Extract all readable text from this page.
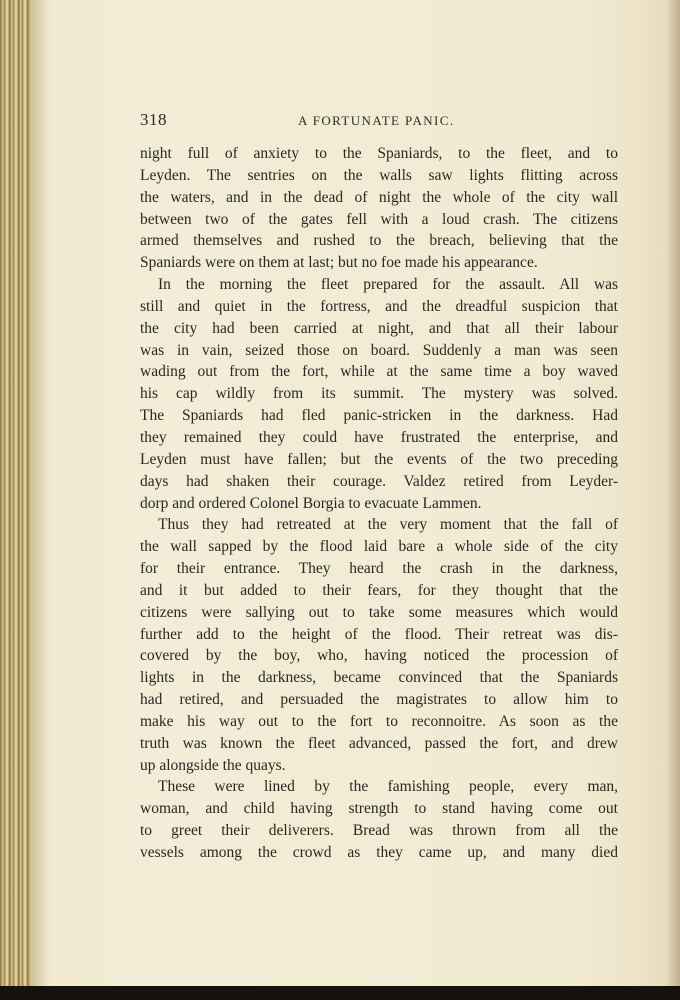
318	A FORTUNATE PANIC.
night full of anxiety to the Spaniards, to the fleet, and to
Leyden. The sentries on the walls saw lights flitting across
the waters, and in the dead of night the whole of the city wall
between two of the gates fell with a loud crash. The citizens
armed themselves and rushed to the breach, believing that the
Spaniards were on them at last; but no foe made his appearance.
In the morning the fleet prepared for the assault. All was
still and quiet in the fortress, and the dreadful suspicion that
the city had been carried at night, and that all their labour
was in vain, seized those on board. Suddenly a man was seen
wading out from the fort, while at the same time a boy waved
his cap wildly from its summit. The mystery was solved.
The Spaniards had fled panic-stricken in the darkness. Had
they remained they could have frustrated the enterprise, and
Leyden must have fallen; but the events of the two preceding
days had shaken their courage. Valdez retired from Leyder-
dorp and ordered Colonel Borgia to evacuate Lammen.
Thus they had retreated at the very moment that the fall of
the wall sapped by the flood laid bare a whole side of the city
for their entrance. They heard the crash in the darkness,
and it but added to their fears, for they thought that the
citizens were sallying out to take some measures which would
further add to the height of the flood. Their retreat was dis-
covered by the boy, who, having noticed the procession of
lights in the darkness, became convinced that the Spaniards
had retired, and persuaded the magistrates to allow him to
make his way out to the fort to reconnoitre. As soon as the
truth was known the fleet advanced, passed the fort, and drew
up alongside the quays.
These were lined by the famishing people, every man,
woman, and child having strength to stand having come out
to greet their deliverers. Bread was thrown from all the
vessels among the crowd as they came up, and many died
